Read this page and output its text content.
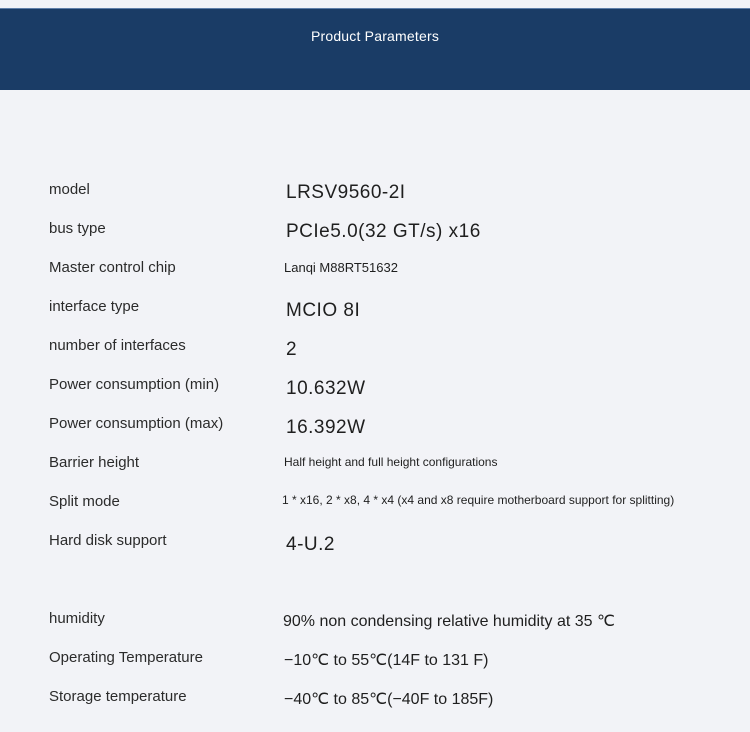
Product Parameters
model	LRSV9560-2I
bus type	PCIe5.0(32 GT/s) x16
Master control chip	Lanqi M88RT51632
interface type	MCIO 8I
number of interfaces	2
Power consumption (min)	10.632W
Power consumption (max)	16.392W
Barrier height	Half height and full height configurations
Split mode	1 * x16, 2 * x8, 4 * x4 (x4 and x8 require motherboard support for splitting)
Hard disk support	4-U.2
humidity	90% non condensing relative humidity at 35 ℃
Operating Temperature	−10℃ to 55℃(14F to 131 F)
Storage temperature	−40℃ to 85℃(−40F to 185F)
